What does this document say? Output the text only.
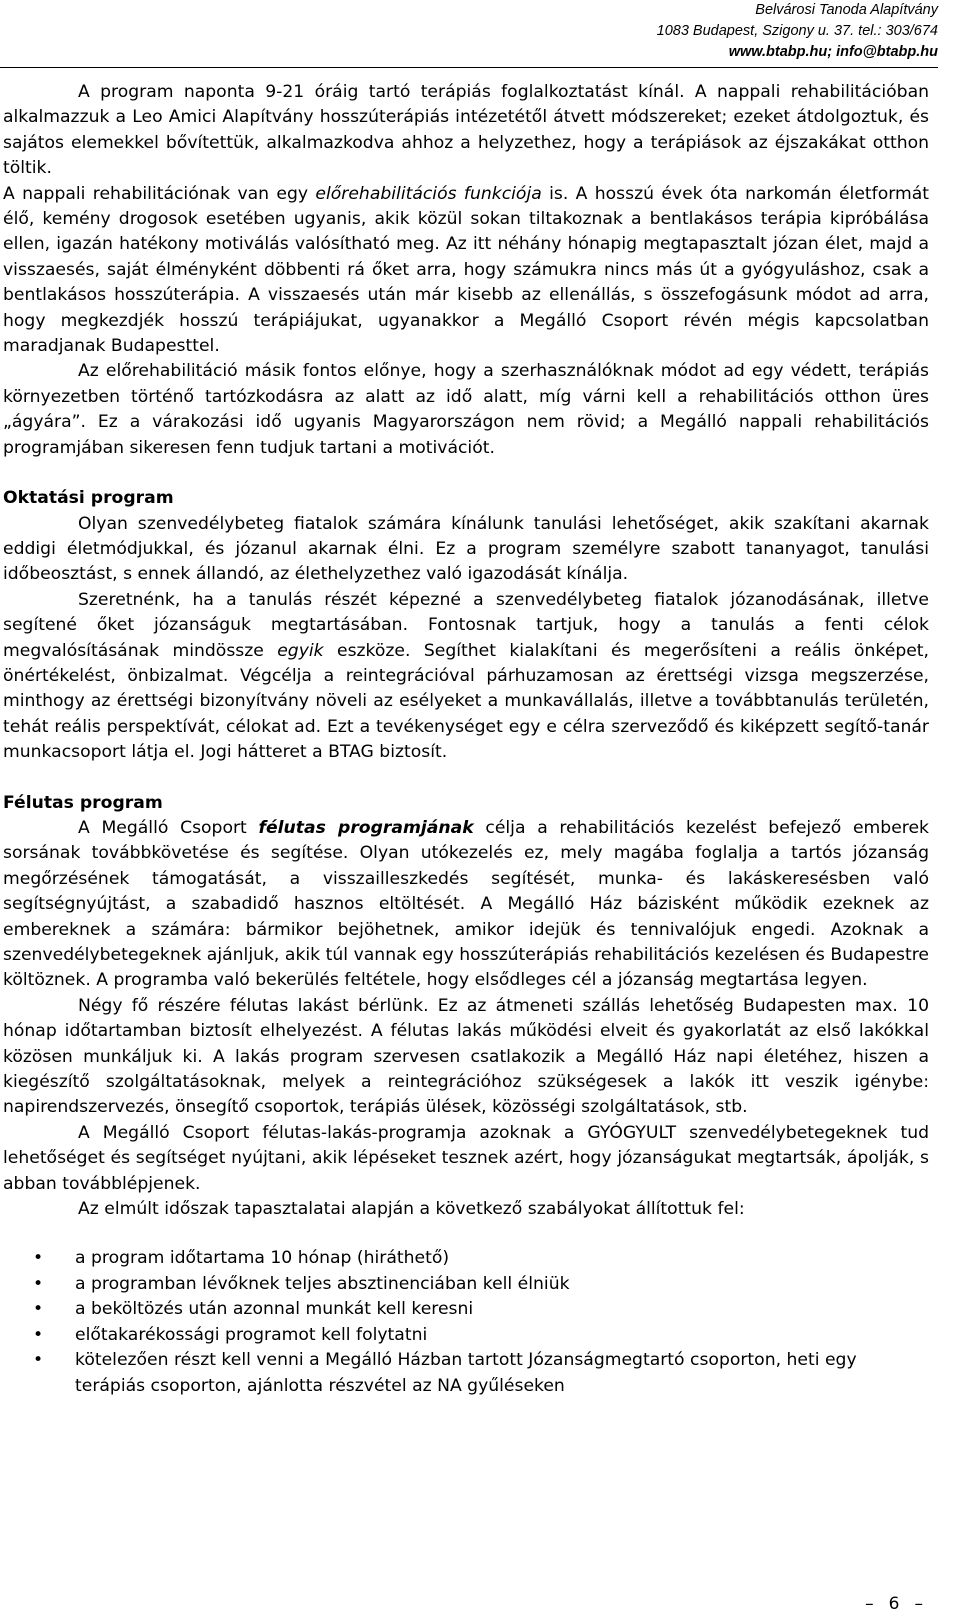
Belvárosi Tanoda Alapítvány
1083 Budapest, Szigony u. 37. tel.: 303/674
www.btabp.hu; info@btabp.hu

A program naponta 9-21 óráig tartó terápiás foglalkoztatást kínál. A nappali rehabilitációban alkalmazzuk a Leo Amici Alapítvány hosszúterápiás intézetétől átvett módszereket; ezeket átdolgoztuk, és sajátos elemekkel bővítettük, alkalmazkodva ahhoz a helyzethez, hogy a terápiások az éjszakákat otthon töltik.

A nappali rehabilitációnak van egy előrehabilitációs funkciója is. A hosszú évek óta narkomán életformát élő, kemény drogosok esetében ugyanis, akik közül sokan tiltakoznak a bentlakásos terápia kipróbálása ellen, igazán hatékony motiválás valósítható meg. Az itt néhány hónapig megtapasztalt józan élet, majd a visszaesés, saját élményként döbbenti rá őket arra, hogy számukra nincs más út a gyógyuláshoz, csak a bentlakásos hosszúterápia. A visszaesés után már kisebb az ellenállás, s összefogásunk módot ad arra, hogy megkezdjék hosszú terápiájukat, ugyanakkor a Megálló Csoport révén mégis kapcsolatban maradjanak Budapesttel.

Az előrehabilitáció másik fontos előnye, hogy a szerhasználóknak módot ad egy védett, terápiás környezetben történő tartózkodásra az alatt az idő alatt, míg várni kell a rehabilitációs otthon üres „ágyára”. Ez a várakozási idő ugyanis Magyarországon nem rövid; a Megálló nappali rehabilitációs programjában sikeresen fenn tudjuk tartani a motivációt.

Oktatási program

Olyan szenvedélybeteg fiatalok számára kínálunk tanulási lehetőséget, akik szakítani akarnak eddigi életmódjukkal, és józanul akarnak élni. Ez a program személyre szabott tananyagot, tanulási időbeosztást, s ennek állandó, az élethelyzethez való igazodását kínálja.

Szeretnénk, ha a tanulás részét képezné a szenvedélybeteg fiatalok józanodásának, illetve segítené őket józanságuk megtartásában. Fontosnak tartjuk, hogy a tanulás a fenti célok megvalósításának mindössze egyik eszköze. Segíthet kialakítani és megerősíteni a reális önképet, önértékelést, önbizalmat. Végcélja a reintegrációval párhuzamosan az érettségi vizsga megszerzése, minthogy az érettségi bizonyítvány növeli az esélyeket a munkavállalás, illetve a továbbtanulás területén, tehát reális perspektívát, célokat ad. Ezt a tevékenységet egy e célra szerveződő és kiképzett segítő-tanár munkacsoport látja el. Jogi hátteret a BTAG biztosít.

Félutas program

A Megálló Csoport félutas programjának célja a rehabilitációs kezelést befejező emberek sorsának továbbkövetése és segítése. Olyan utókezelés ez, mely magába foglalja a tartós józanság megőrzésének támogatását, a visszailleszkedés segítését, munka- és lakáskeresésben való segítségnyújtást, a szabadidő hasznos eltöltését. A Megálló Ház bázisként működik ezeknek az embereknek a számára: bármikor bejöhetnek, amikor idejük és tennivalójuk engedi. Azoknak a szenvedélybetegeknek ajánljuk, akik túl vannak egy hosszúterápiás rehabilitációs kezelésen és Budapestre költöznek. A programba való bekerülés feltétele, hogy elsődleges cél a józanság megtartása legyen.

Négy fő részére félutas lakást bérlünk. Ez az átmeneti szállás lehetőség Budapesten max. 10 hónap időtartamban biztosít elhelyezést. A félutas lakás működési elveit és gyakorlatát az első lakókkal közösen munkáljuk ki. A lakás program szervesen csatlakozik a Megálló Ház napi életéhez, hiszen a kiegészítő szolgáltatásoknak, melyek a reintegrációhoz szükségesek a lakók itt veszik igénybe: napirendszervezés, önsegítő csoportok, terápiás ülések, közösségi szolgáltatások, stb.

A Megálló Csoport félutas-lakás-programja azoknak a GYÓGYULT szenvedélybetegeknek tud lehetőséget és segítséget nyújtani, akik lépéseket tesznek azért, hogy józanságukat megtartsák, ápolják, s abban továbblépjenek.

Az elmúlt időszak tapasztalatai alapján a következő szabályokat állítottuk fel:

• a program időtartama 10 hónap (hiráthető)
• a programban lévőknek teljes absztinenciában kell élniük
• a beköltözés után azonnal munkát kell keresni
• előtakarékossági programot kell folytatni
• kötelezően részt kell venni a Megálló Házban tartott Józanságmegtartó csoporton, heti egy terápiás csoporton, ajánlotta részvétel az NA gyűléseken
– 6 –
